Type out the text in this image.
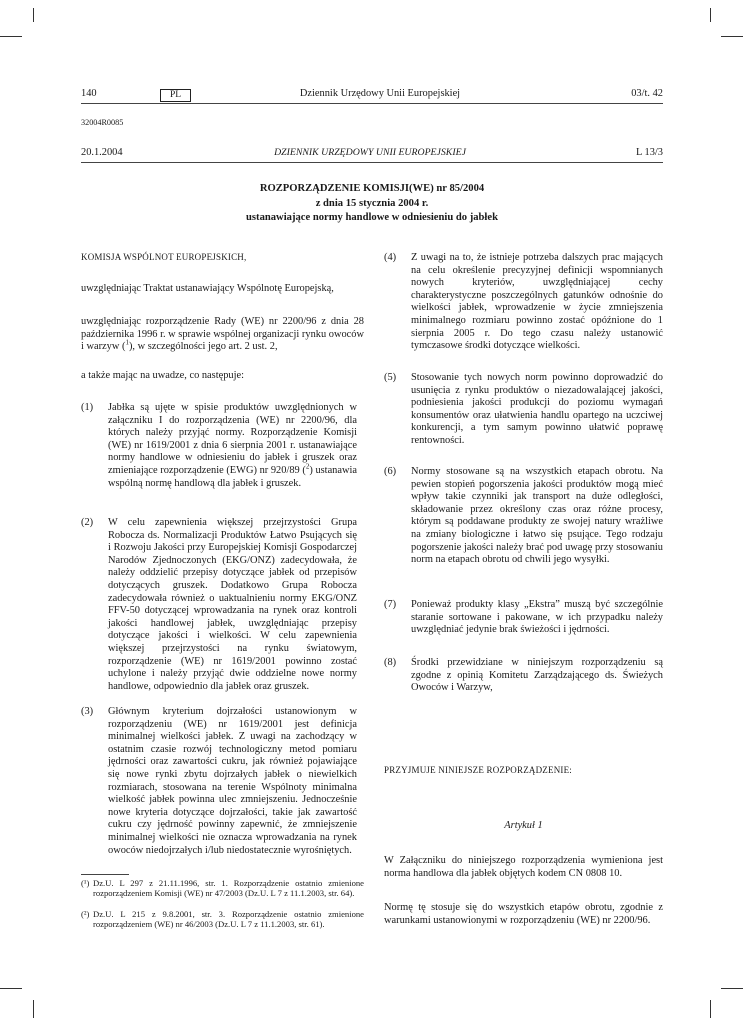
140	PL	Dziennik Urzędowy Unii Europejskiej	03/t. 42
32004R0085
20.1.2004	DZIENNIK URZĘDOWY UNII EUROPEJSKIEJ	L 13/3
ROZPORZĄDZENIE KOMISJI(WE) nr 85/2004
z dnia 15 stycznia 2004 r.
ustanawiające normy handlowe w odniesieniu do jabłek
KOMISJA WSPÓLNOT EUROPEJSKICH,
uwzględniając Traktat ustanawiający Wspólnotę Europejską,
uwzględniając rozporządzenie Rady (WE) nr 2200/96 z dnia 28 października 1996 r. w sprawie wspólnej organizacji rynku owoców i warzyw ($^1$), w szczególności jego art. 2 ust. 2,
a także mając na uwadze, co następuje:
(1) Jabłka są ujęte w spisie produktów uwzględnionych w załączniku I do rozporządzenia (WE) nr 2200/96, dla których należy przyjąć normy. Rozporządzenie Komisji (WE) nr 1619/2001 z dnia 6 sierpnia 2001 r. ustanawiające normy handlowe w odniesieniu do jabłek i gruszek oraz zmieniające rozporządzenie (EWG) nr 920/89 ($^2$) ustanawia wspólną normę handlową dla jabłek i gruszek.
(2) W celu zapewnienia większej przejrzystości Grupa Robocza ds. Normalizacji Produktów Łatwo Psujących się i Rozwoju Jakości przy Europejskiej Komisji Gospodarczej Narodów Zjednoczonych (EKG/ONZ) zadecydowała, że należy oddzielić przepisy dotyczące jabłek od przepisów dotyczących gruszek. Dodatkowo Grupa Robocza zadecydowała również o uaktualnieniu normy EKG/ONZ FFV-50 dotyczącej wprowadzania na rynek oraz kontroli jakości handlowej jabłek, uwzględniając przepisy dotyczące jakości i wielkości. W celu zapewnienia większej przejrzystości na rynku światowym, rozporządzenie (WE) nr 1619/2001 powinno zostać uchylone i należy przyjąć dwie oddzielne nowe normy handlowe, odpowiednio dla jabłek oraz gruszek.
(3) Głównym kryterium dojrzałości ustanowionym w rozporządzeniu (WE) nr 1619/2001 jest definicja minimalnej wielkości jabłek. Z uwagi na zachodzący w ostatnim czasie rozwój technologiczny metod pomiaru jędrności oraz zawartości cukru, jak również pojawiające się nowe rynki zbytu dojrzałych jabłek o niewielkich rozmiarach, stosowana na terenie Wspólnoty minimalna wielkość jabłek powinna ulec zmniejszeniu. Jednocześnie nowe kryteria dotyczące dojrzałości, takie jak zawartość cukru czy jędrność powinny zapewnić, że zmniejszenie minimalnej wielkości nie oznacza wprowadzania na rynek owoców niedojrzałych i/lub niedostatecznie wyrośniętych.
(¹) Dz.U. L 297 z 21.11.1996, str. 1. Rozporządzenie ostatnio zmienione rozporządzeniem Komisji (WE) nr 47/2003 (Dz.U. L 7 z 11.1.2003, str. 64).
(²) Dz.U. L 215 z 9.8.2001, str. 3. Rozporządzenie ostatnio zmienione rozporządzeniem (WE) nr 46/2003 (Dz.U. L 7 z 11.1.2003, str. 61).
(4) Z uwagi na to, że istnieje potrzeba dalszych prac mających na celu określenie precyzyjnej definicji wspomnianych nowych kryteriów, uwzględniającej cechy charakterystyczne poszczególnych gatunków odnośnie do wielkości jabłek, wprowadzenie w życie zmniejszenia minimalnego rozmiaru powinno zostać opóźnione do 1 sierpnia 2005 r. Do tego czasu należy ustanowić tymczasowe środki dotyczące wielkości.
(5) Stosowanie tych nowych norm powinno doprowadzić do usunięcia z rynku produktów o niezadowalającej jakości, podniesienia jakości produkcji do poziomu wymagań konsumentów oraz ułatwienia handlu opartego na uczciwej konkurencji, a tym samym powinno ułatwić poprawę rentowności.
(6) Normy stosowane są na wszystkich etapach obrotu. Na pewien stopień pogorszenia jakości produktów mogą mieć wpływ takie czynniki jak transport na duże odległości, składowanie przez określony czas oraz różne procesy, którym są poddawane produkty ze swojej natury wrażliwe na zmiany biologiczne i łatwo się psujące. Tego rodzaju pogorszenie jakości należy brać pod uwagę przy stosowaniu norm na etapach obrotu od chwili jego wysyłki.
(7) Ponieważ produkty klasy „Ekstra” muszą być szczególnie staranie sortowane i pakowane, w ich przypadku należy uwzględniać jedynie brak świeżości i jędrności.
(8) Środki przewidziane w niniejszym rozporządzeniu są zgodne z opinią Komitetu Zarządzającego ds. Świeżych Owoców i Warzyw,
PRZYJMUJE NINIEJSZE ROZPORZĄDZENIE:
Artykuł 1
W Załączniku do niniejszego rozporządzenia wymieniona jest norma handlowa dla jabłek objętych kodem CN 0808 10.
Normę tę stosuje się do wszystkich etapów obrotu, zgodnie z warunkami ustanowionymi w rozporządzeniu (WE) nr 2200/96.
